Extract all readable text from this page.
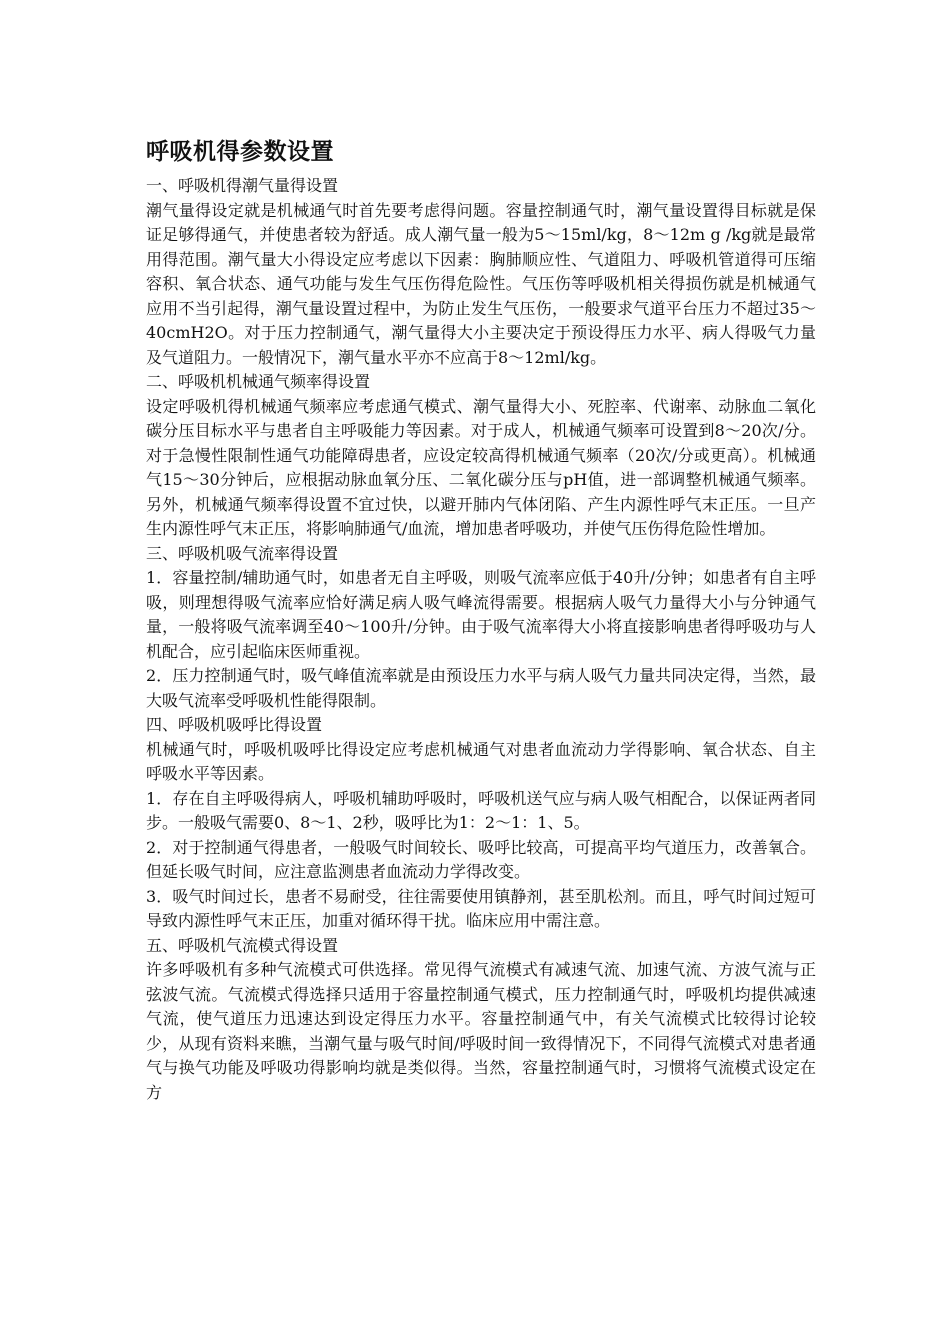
呼吸机得参数设置

一、呼吸机得潮气量得设置

潮气量得设定就是机械通气时首先要考虑得问题。容量控制通气时，潮气量设置得目标就是保证足够得通气，并使患者较为舒适。成人潮气量一般为5～15ml/kg，8～12m g /kg就是最常用得范围。潮气量大小得设定应考虑以下因素：胸肺顺应性、气道阻力、呼吸机管道得可压缩容积、氧合状态、通气功能与发生气压伤得危险性。气压伤等呼吸机相关得损伤就是机械通气应用不当引起得，潮气量设置过程中，为防止发生气压伤，一般要求气道平台压力不超过35～40cmH2O。对于压力控制通气，潮气量得大小主要决定于预设得压力水平、病人得吸气力量及气道阻力。一般情况下，潮气量水平亦不应高于8～12ml/kg。

二、呼吸机机械通气频率得设置

设定呼吸机得机械通气频率应考虑通气模式、潮气量得大小、死腔率、代谢率、动脉血二氧化碳分压目标水平与患者自主呼吸能力等因素。对于成人，机械通气频率可设置到8～20次/分。对于急慢性限制性通气功能障碍患者，应设定较高得机械通气频率（20次/分或更高）。机械通气15～30分钟后，应根据动脉血氧分压、二氧化碳分压与pH值，进一部调整机械通气频率。另外，机械通气频率得设置不宜过快，以避开肺内气体闭陷、产生内源性呼气末正压。一旦产生内源性呼气末正压，将影响肺通气/血流，增加患者呼吸功，并使气压伤得危险性增加。

三、呼吸机吸气流率得设置

1．容量控制/辅助通气时，如患者无自主呼吸，则吸气流率应低于40升/分钟；如患者有自主呼吸，则理想得吸气流率应恰好满足病人吸气峰流得需要。根据病人吸气力量得大小与分钟通气量，一般将吸气流率调至40～100升/分钟。由于吸气流率得大小将直接影响患者得呼吸功与人机配合，应引起临床医师重视。

2．压力控制通气时，吸气峰值流率就是由预设压力水平与病人吸气力量共同决定得，当然，最大吸气流率受呼吸机性能得限制。

四、呼吸机吸呼比得设置

机械通气时，呼吸机吸呼比得设定应考虑机械通气对患者血流动力学得影响、氧合状态、自主呼吸水平等因素。

1．存在自主呼吸得病人，呼吸机辅助呼吸时，呼吸机送气应与病人吸气相配合，以保证两者同步。一般吸气需要0、8～1、2秒，吸呼比为1：2～1：1、5。

2．对于控制通气得患者，一般吸气时间较长、吸呼比较高，可提高平均气道压力，改善氧合。但延长吸气时间，应注意监测患者血流动力学得改变。

3．吸气时间过长，患者不易耐受，往往需要使用镇静剂，甚至肌松剂。而且，呼气时间过短可导致内源性呼气末正压，加重对循环得干扰。临床应用中需注意。

五、呼吸机气流模式得设置

许多呼吸机有多种气流模式可供选择。常见得气流模式有减速气流、加速气流、方波气流与正弦波气流。气流模式得选择只适用于容量控制通气模式，压力控制通气时，呼吸机均提供减速气流，使气道压力迅速达到设定得压力水平。容量控制通气中，有关气流模式比较得讨论较少，从现有资料来瞧，当潮气量与吸气时间/呼吸时间一致得情况下，不同得气流模式对患者通气与换气功能及呼吸功得影响均就是类似得。当然，容量控制通气时，习惯将气流模式设定在方
